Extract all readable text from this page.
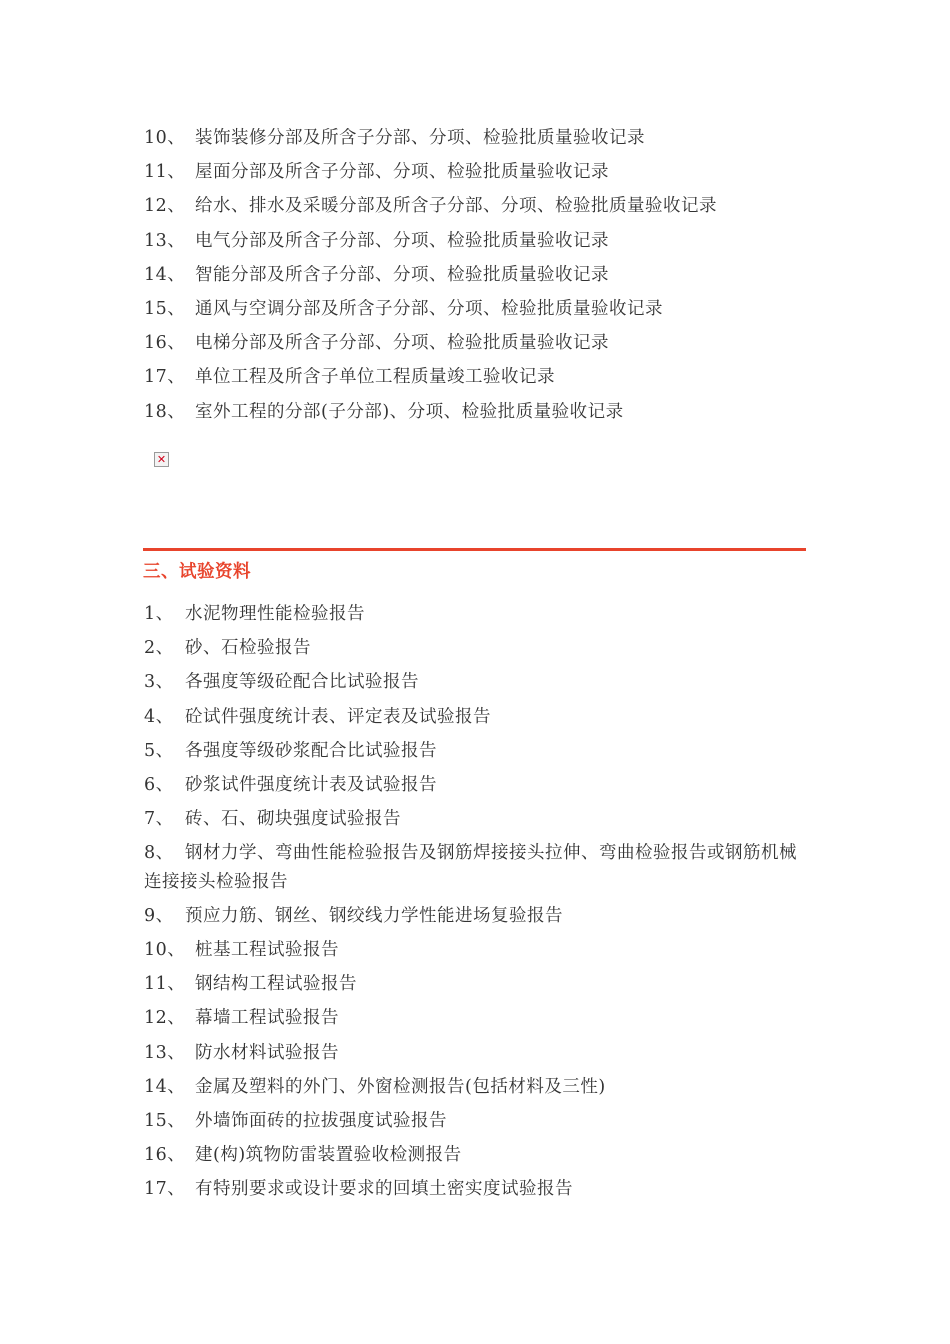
10、 装饰装修分部及所含子分部、分项、检验批质量验收记录
11、 屋面分部及所含子分部、分项、检验批质量验收记录
12、 给水、排水及采暖分部及所含子分部、分项、检验批质量验收记录
13、 电气分部及所含子分部、分项、检验批质量验收记录
14、 智能分部及所含子分部、分项、检验批质量验收记录
15、 通风与空调分部及所含子分部、分项、检验批质量验收记录
16、 电梯分部及所含子分部、分项、检验批质量验收记录
17、 单位工程及所含子单位工程质量竣工验收记录
18、 室外工程的分部(子分部)、分项、检验批质量验收记录
✕
三、试验资料
1、 水泥物理性能检验报告
2、 砂、石检验报告
3、 各强度等级砼配合比试验报告
4、 砼试件强度统计表、评定表及试验报告
5、 各强度等级砂浆配合比试验报告
6、 砂浆试件强度统计表及试验报告
7、 砖、石、砌块强度试验报告
8、 钢材力学、弯曲性能检验报告及钢筋焊接接头拉伸、弯曲检验报告或钢筋机械连接接头检验报告
9、 预应力筋、钢丝、钢绞线力学性能进场复验报告
10、 桩基工程试验报告
11、 钢结构工程试验报告
12、 幕墙工程试验报告
13、 防水材料试验报告
14、 金属及塑料的外门、外窗检测报告(包括材料及三性)
15、 外墙饰面砖的拉拔强度试验报告
16、 建(构)筑物防雷装置验收检测报告
17、 有特别要求或设计要求的回填土密实度试验报告
